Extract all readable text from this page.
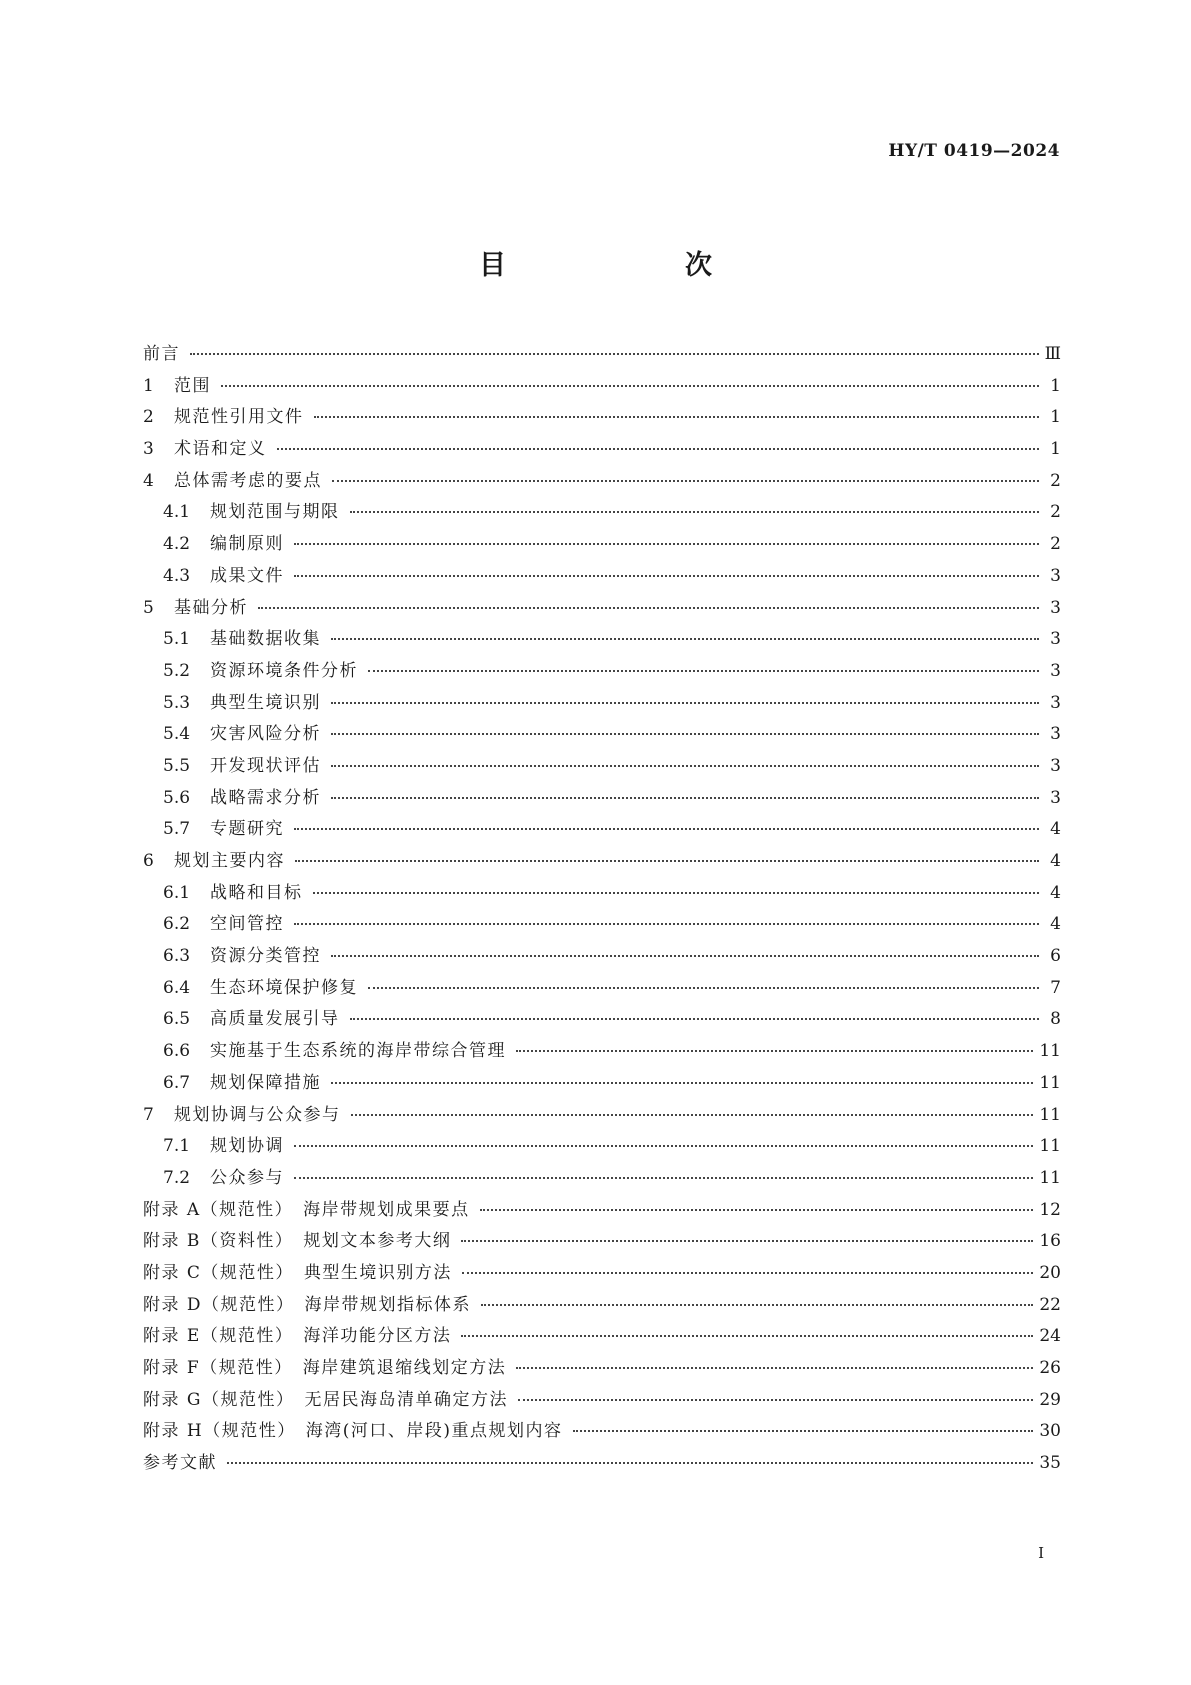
HY/T 0419—2024
目　次
前言	Ⅲ
1	范围	1
2	规范性引用文件	1
3	术语和定义	1
4	总体需考虑的要点	2
4.1	规划范围与期限	2
4.2	编制原则	2
4.3	成果文件	3
5	基础分析	3
5.1	基础数据收集	3
5.2	资源环境条件分析	3
5.3	典型生境识别	3
5.4	灾害风险分析	3
5.5	开发现状评估	3
5.6	战略需求分析	3
5.7	专题研究	4
6	规划主要内容	4
6.1	战略和目标	4
6.2	空间管控	4
6.3	资源分类管控	6
6.4	生态环境保护修复	7
6.5	高质量发展引导	8
6.6	实施基于生态系统的海岸带综合管理	11
6.7	规划保障措施	11
7	规划协调与公众参与	11
7.1	规划协调	11
7.2	公众参与	11
附录 A（规范性）　海岸带规划成果要点	12
附录 B（资料性）　规划文本参考大纲	16
附录 C（规范性）　典型生境识别方法	20
附录 D（规范性）　海岸带规划指标体系	22
附录 E（规范性）　海洋功能分区方法	24
附录 F（规范性）　海岸建筑退缩线划定方法	26
附录 G（规范性）　无居民海岛清单确定方法	29
附录 H（规范性）　海湾(河口、岸段)重点规划内容	30
参考文献	35
I
